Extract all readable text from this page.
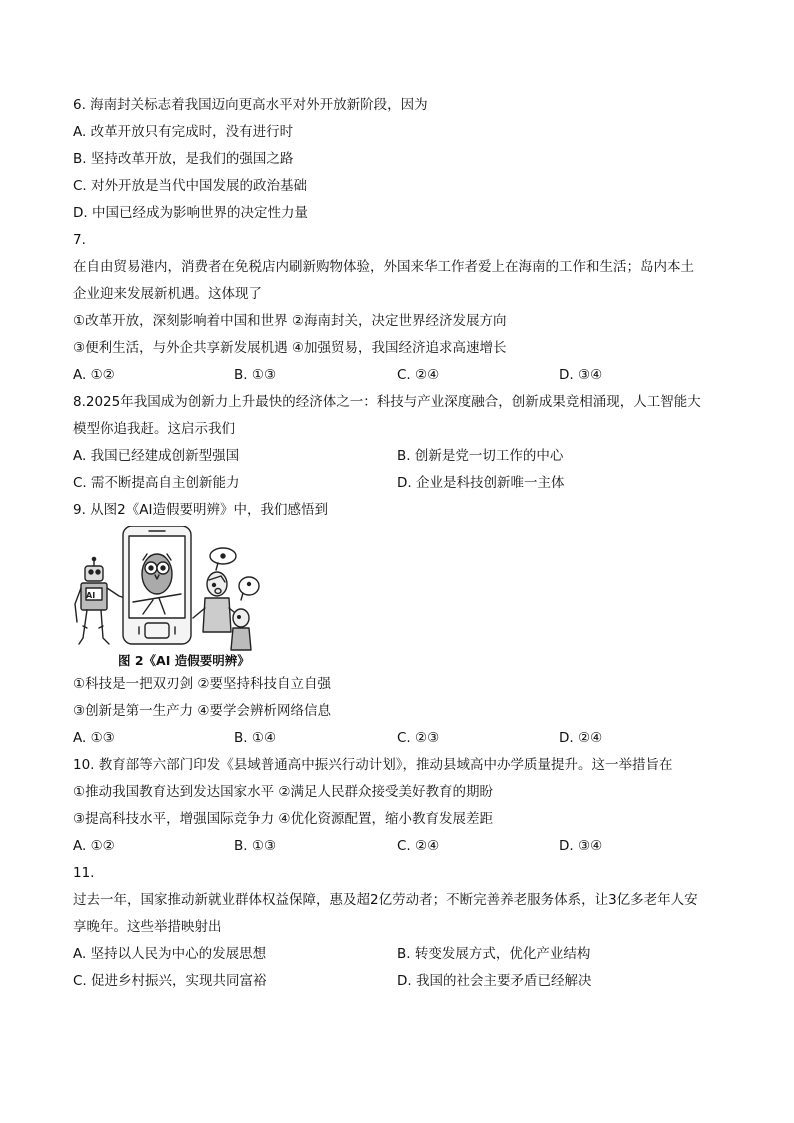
6. 海南封关标志着我国迈向更高水平对外开放新阶段，因为
A. 改革开放只有完成时，没有进行时
B. 坚持改革开放，是我们的强国之路
C. 对外开放是当代中国发展的政治基础
D. 中国已经成为影响世界的决定性力量
7.
在自由贸易港内，消费者在免税店内刷新购物体验，外国来华工作者爱上在海南的工作和生活；岛内本土
企业迎来发展新机遇。这体现了
①改革开放，深刻影响着中国和世界 ②海南封关，决定世界经济发展方向
③便利生活，与外企共享新发展机遇 ④加强贸易，我国经济追求高速增长
A. ①②	B. ①③	C. ②④	D. ③④
8.2025年我国成为创新力上升最快的经济体之一：科技与产业深度融合，创新成果竞相涌现，人工智能大
模型你追我赶。这启示我们
A. 我国已经建成创新型强国	B. 创新是党一切工作的中心
C. 需不断提高自主创新能力	D. 企业是科技创新唯一主体
9. 从图2《AI造假要明辨》中，我们感悟到
AI
图 2《AI 造假要明辨》
①科技是一把双刃剑 ②要坚持科技自立自强
③创新是第一生产力 ④要学会辨析网络信息
A. ①③	B. ①④	C. ②③	D. ②④
10. 教育部等六部门印发《县域普通高中振兴行动计划》，推动县域高中办学质量提升。这一举措旨在
①推动我国教育达到发达国家水平 ②满足人民群众接受美好教育的期盼
③提高科技水平，增强国际竞争力 ④优化资源配置，缩小教育发展差距
A. ①②	B. ①③	C. ②④	D. ③④
11.
过去一年，国家推动新就业群体权益保障，惠及超2亿劳动者；不断完善养老服务体系，让3亿多老年人安
享晚年。这些举措映射出
A. 坚持以人民为中心的发展思想	B. 转变发展方式，优化产业结构
C. 促进乡村振兴，实现共同富裕	D. 我国的社会主要矛盾已经解决
